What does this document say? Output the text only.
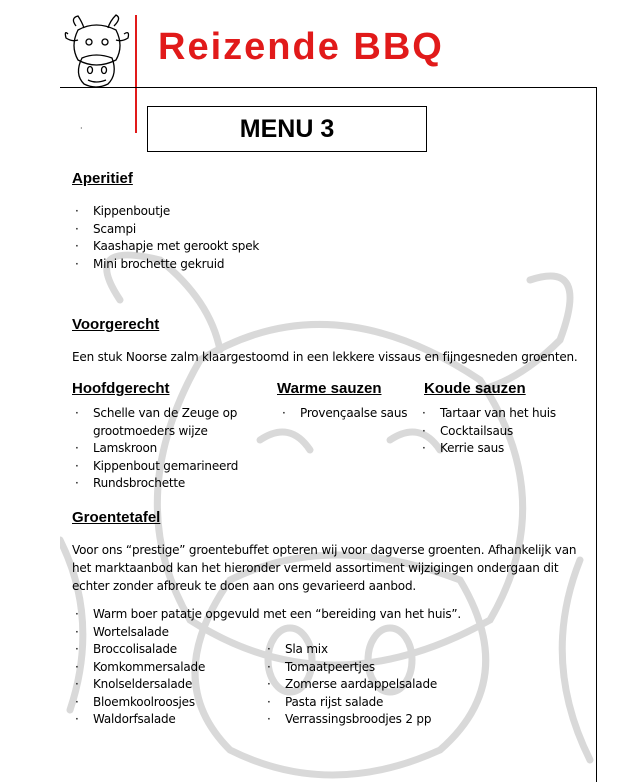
Reizende BBQ
MENU 3
·
Aperitief
· Kippenboutje
· Scampi
· Kaashapje met gerookt spek
· Mini brochette gekruid
Voorgerecht
Een stuk Noorse zalm klaargestoomd in een lekkere vissaus en fijngesneden groenten.
Hoofdgerecht
· Schelle van de Zeuge op grootmoeders wijze
· Lamskroon
· Kippenbout gemarineerd
· Rundsbrochette
Warme sauzen
· Provençaalse saus
Koude sauzen
· Tartaar van het huis
· Cocktailsaus
· Kerrie saus
Groentetafel
Voor ons “prestige” groentebuffet opteren wij voor dagverse groenten. Afhankelijk van
het marktaanbod kan het hieronder vermeld assortiment wijzigingen ondergaan dit
echter zonder afbreuk te doen aan ons gevarieerd aanbod.
· Warm boer patatje opgevuld met een “bereiding van het huis”.
· Wortelsalade
· Broccolisalade
· Komkommersalade
· Knolseldersalade
· Bloemkoolroosjes
· Waldorfsalade
· Sla mix
· Tomaatpeertjes
· Zomerse aardappelsalade
· Pasta rijst salade
· Verrassingsbroodjes 2 pp
